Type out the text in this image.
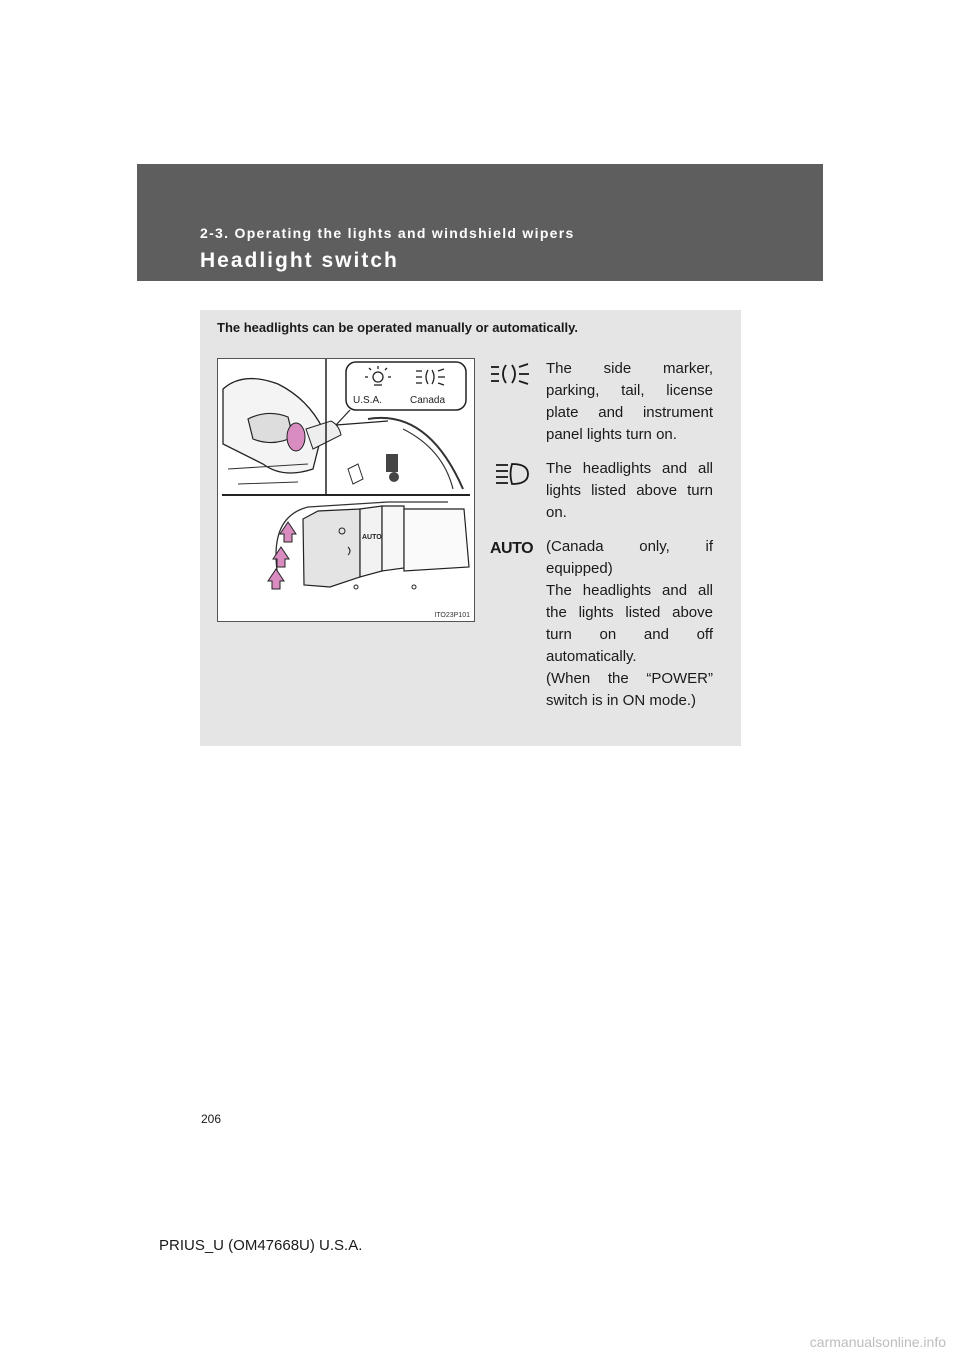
2-3. Operating the lights and windshield wipers
Headlight switch
The headlights can be operated manually or automatically.
U.S.A.	Canada
AUTO
ITO23P101
The side marker, parking, tail, license plate and instrument panel lights turn on.
The headlights and all lights listed above turn on.
AUTO (Canada only, if equipped)
The headlights and all the lights listed above turn on and off automatically.
(When the “POWER” switch is in ON mode.)
206
PRIUS_U (OM47668U) U.S.A.
carmanualsonline.info
